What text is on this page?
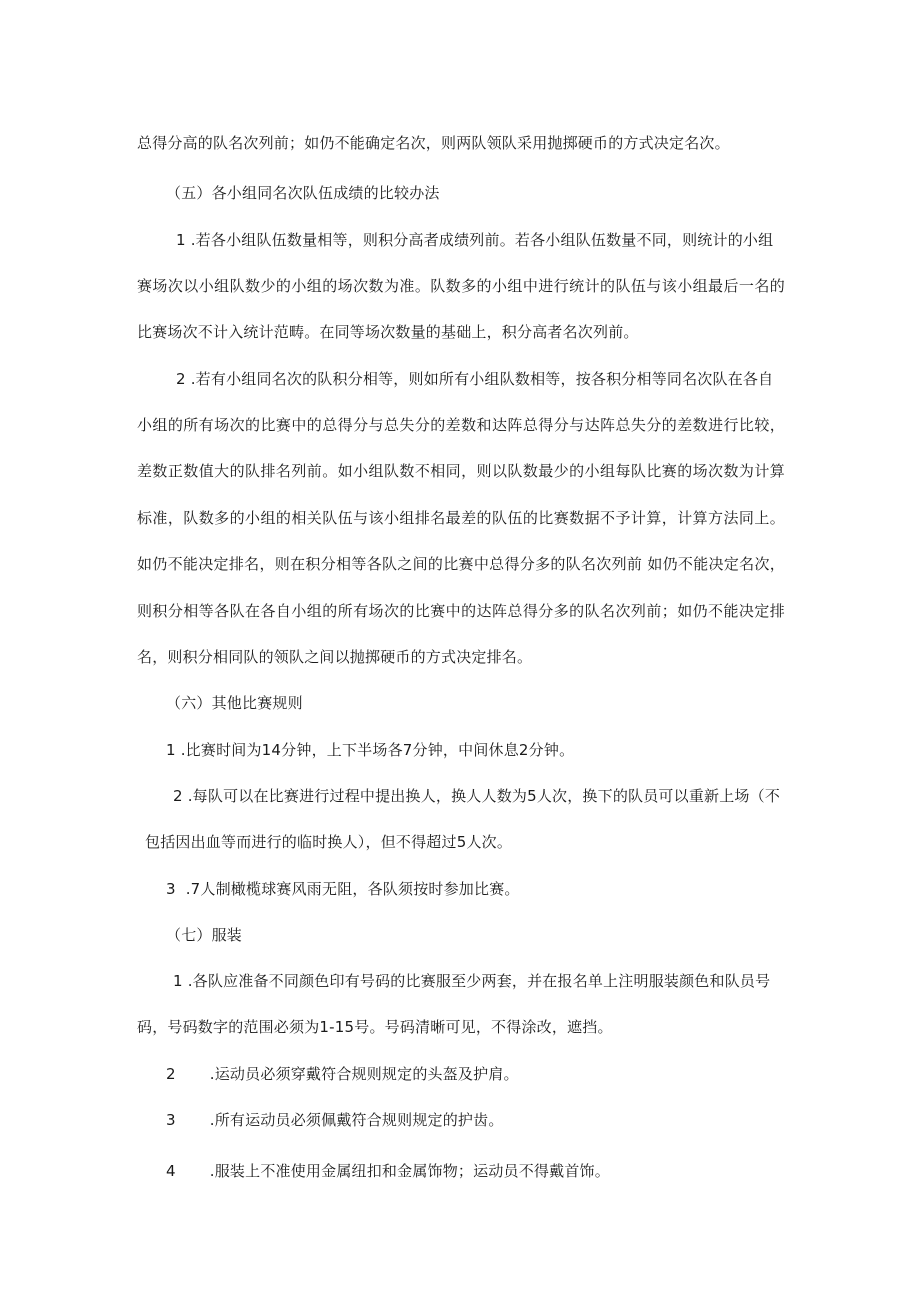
总得分高的队名次列前；如仍不能确定名次，则两队领队采用抛掷硬币的方式决定名次。
（五）各小组同名次队伍成绩的比较办法
1 .若各小组队伍数量相等，则积分高者成绩列前。若各小组队伍数量不同，则统计的小组
赛场次以小组队数少的小组的场次数为准。队数多的小组中进行统计的队伍与该小组最后一名的
比赛场次不计入统计范畴。在同等场次数量的基础上，积分高者名次列前。
2 .若有小组同名次的队积分相等，则如所有小组队数相等，按各积分相等同名次队在各自
小组的所有场次的比赛中的总得分与总失分的差数和达阵总得分与达阵总失分的差数进行比较，
差数正数值大的队排名列前。如小组队数不相同，则以队数最少的小组每队比赛的场次数为计算
标准，队数多的小组的相关队伍与该小组排名最差的队伍的比赛数据不予计算，计算方法同上。
如仍不能决定排名，则在积分相等各队之间的比赛中总得分多的队名次列前 如仍不能决定名次，
则积分相等各队在各自小组的所有场次的比赛中的达阵总得分多的队名次列前；如仍不能决定排
名，则积分相同队的领队之间以抛掷硬币的方式决定排名。
（六）其他比赛规则
1 .比赛时间为14分钟，上下半场各7分钟，中间休息2分钟。
2 .每队可以在比赛进行过程中提出换人，换人人数为5人次，换下的队员可以重新上场（不
包括因出血等而进行的临时换人），但不得超过5人次。
3 .7人制橄榄球赛风雨无阻，各队须按时参加比赛。
（七）服装
1 .各队应准备不同颜色印有号码的比赛服至少两套，并在报名单上注明服装颜色和队员号
码，号码数字的范围必须为1-15号。号码清晰可见，不得涂改，遮挡。
2 .运动员必须穿戴符合规则规定的头盔及护肩。
3 .所有运动员必须佩戴符合规则规定的护齿。
4 .服装上不准使用金属纽扣和金属饰物；运动员不得戴首饰。
